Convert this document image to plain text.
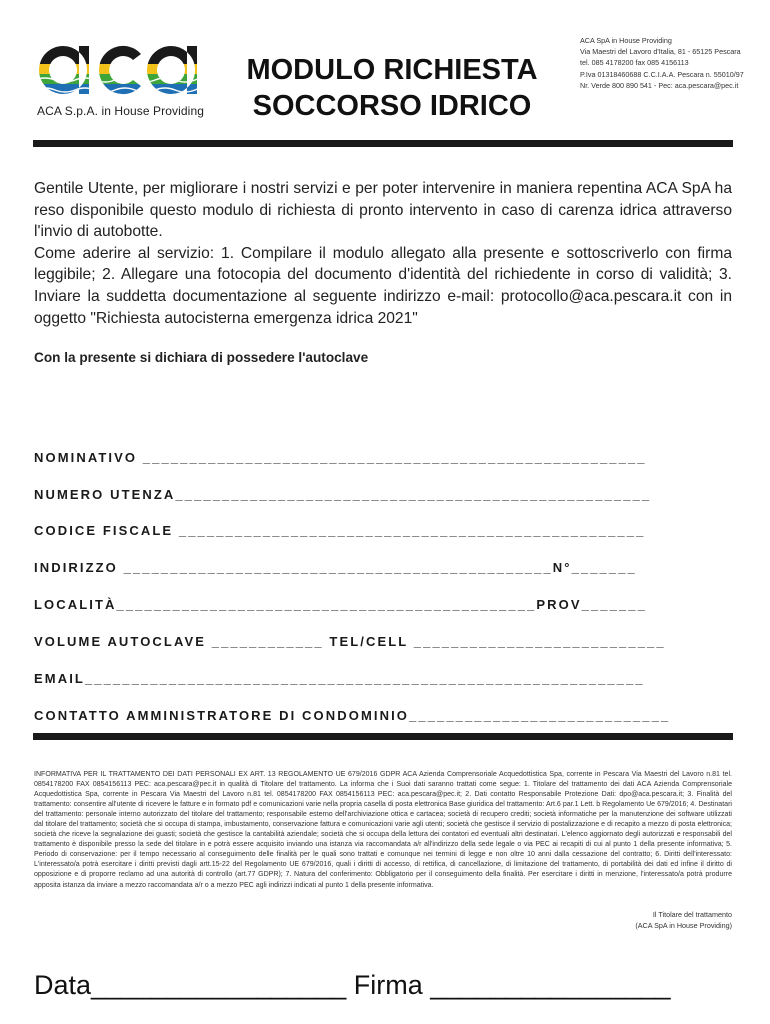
ACA S.p.A. in House Providing
MODULO RICHIESTA
SOCCORSO IDRICO
ACA SpA in House Providing
Via Maestri del Lavoro d'Italia, 81 - 65125 Pescara
tel. 085 4178200 fax 085 4156113
P.Iva 01318460688 C.C.I.A.A. Pescara n. 55010/97
Nr. Verde 800 890 541 - Pec: aca.pescara@pec.it

Gentile Utente, per migliorare i nostri servizi e per poter intervenire in maniera repentina ACA SpA ha reso disponibile questo modulo di richiesta di pronto intervento in caso di carenza idrica attraverso l'invio di autobotte.

Come aderire al servizio: 1. Compilare il modulo allegato alla presente e sottoscriverlo con firma leggibile; 2. Allegare una fotocopia del documento d'identità del richiedente in corso di validità; 3. Inviare la suddetta documentazione al seguente indirizzo e-mail: protocollo@aca.pescara.it con in oggetto "Richiesta autocisterna emergenza idrica 2021"

Con la presente si dichiara di possedere l'autoclave
NOMINATIVO ______________________________________________________
NUMERO UTENZA___________________________________________________
CODICE FISCALE __________________________________________________
INDIRIZZO ______________________________________________N°_______
LOCALITÀ_____________________________________________PROV_______
VOLUME AUTOCLAVE ____________ TEL/CELL ___________________________
EMAIL____________________________________________________________
CONTATTO AMMINISTRATORE DI CONDOMINIO____________________________
INFORMATIVA PER IL TRATTAMENTO DEI DATI PERSONALI EX ART. 13 REGOLAMENTO UE 679/2016 GDPR ACA Azienda Comprensoriale Acquedottistica Spa, corrente in Pescara Via Maestri del Lavoro n.81 tel. 0854178200 FAX 0854156113 PEC: aca.pescara@pec.it in qualità di Titolare del trattamento. La informa che i Suoi dati saranno trattati come segue: 1. Titolare del trattamento dei dati ACA Azienda Comprensoriale Acquedottistica Spa, corrente in Pescara Via Maestri del Lavoro n.81 tel. 0854178200 FAX 0854156113 PEC: aca.pescara@pec.it; 2. Dati contatto Responsabile Protezione Dati: dpo@aca.pescara.it; 3. Finalità del trattamento: consentire all'utente di ricevere le fatture e in formato pdf e comunicazioni varie nella propria casella di posta elettronica Base giuridica del trattamento: Art.6 par.1 Lett. b Regolamento Ue 679/2016; 4. Destinatari del trattamento: personale interno autorizzato del titolare del trattamento; responsabile esterno dell'archiviazione ottica e cartacea; società di recupero crediti; società informatiche per la manutenzione dei software utilizzati dal titolare del trattamento; società che si occupa di stampa, imbustamento, conservazione fattura e comunicazioni varie agli utenti; società che gestisce il servizio di postalizzazione e di recapito a mezzo di posta elettronica; società che riceve la segnalazione dei guasti; società che gestisce la cantabilità aziendale; società che si occupa della lettura dei contatori ed eventuali altri destinatari. L'elenco aggiornato degli autorizzati e responsabili del trattamento è disponibile presso la sede del titolare in e potrà essere acquisito inviando una istanza via raccomandata a/r all'indirizzo della sede legale o via PEC ai recapiti di cui al punto 1 della presente informativa; 5. Periodo di conservazione: per il tempo necessario al conseguimento delle finalità per le quali sono trattati e comunque nei termini di legge e non oltre 10 anni dalla cessazione del contratto; 6. Diritti dell'interessato: L'interessato/a potrà esercitare i diritti previsti dagli artt.15-22 del Regolamento UE 679/2016, quali i diritti di accesso, di rettifica, di cancellazione, di limitazione del trattamento, di portabilità dei dati ed infine il diritto di opposizione e di proporre reclamo ad una autorità di controllo (art.77 GDPR); 7. Natura del conferimento: Obbligatorio per il conseguimento della finalità. Per esercitare i diritti in menzione, l'interessato/a potrà produrre apposita istanza da inviare a mezzo raccomandata a/r o a mezzo PEC agli indirizzi indicati al punto 1 della presente informativa.
Il Titolare del trattamento
(ACA SpA in House Providing)
Data_________________ Firma ________________
